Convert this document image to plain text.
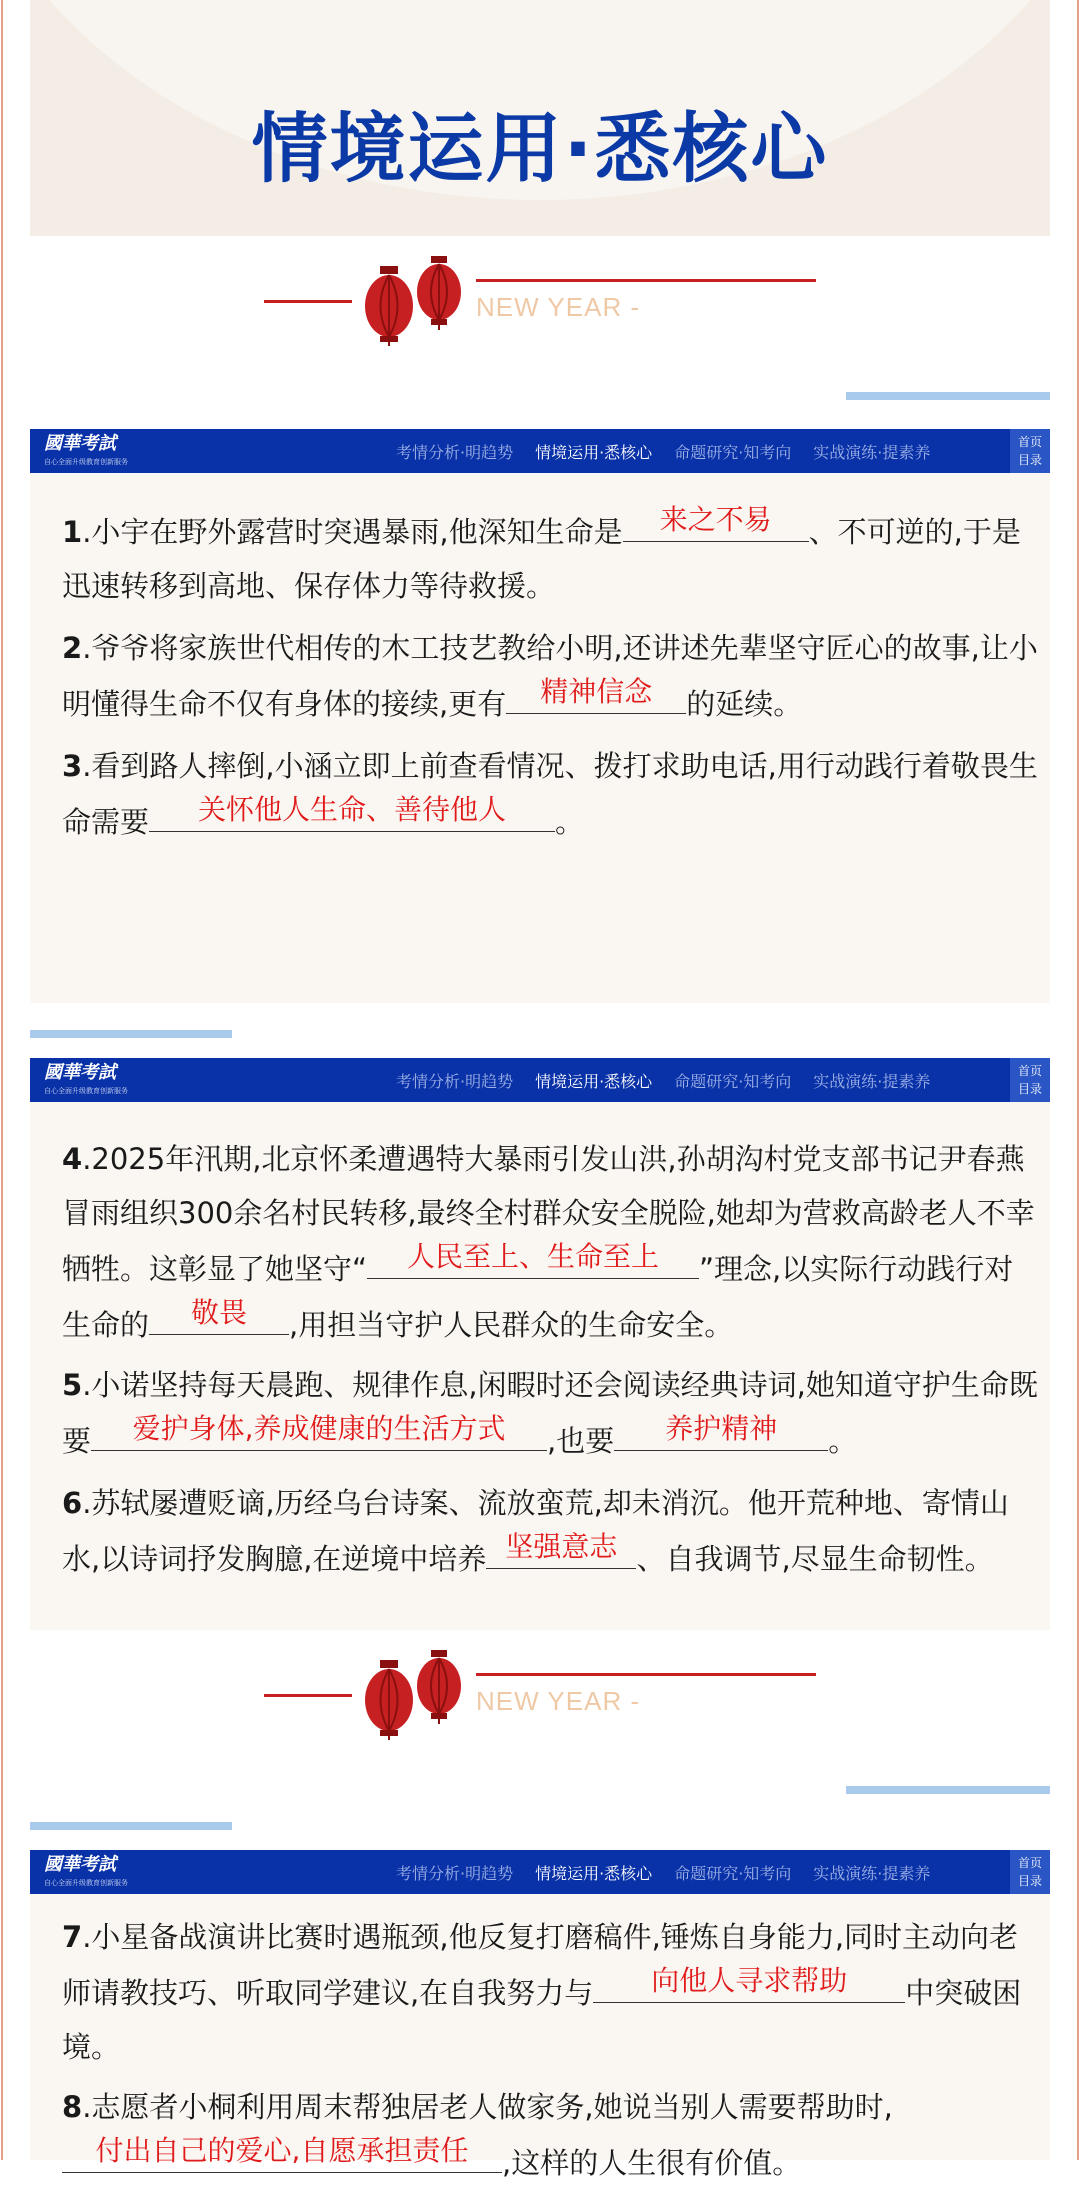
情境运用·悉核心
NEW YEAR -
國華考試
自心全面升级教育创新服务
考情分析·明趋势 情境运用·悉核心 命题研究·知考向 实战演练·提素养
首页
目录
1.小宇在野外露营时突遇暴雨,他深知生命是	来之不易	、不可逆的,于是迅速转移到高地、保存体力等待救援。
2.爷爷将家族世代相传的木工技艺教给小明,还讲述先辈坚守匠心的故事,让小明懂得生命不仅有身体的接续,更有	精神信念	的延续。
3.看到路人摔倒,小涵立即上前查看情况、拨打求助电话,用行动践行着敬畏生命需要	关怀他人生命、善待他人	。
國華考試
自心全面升级教育创新服务
考情分析·明趋势 情境运用·悉核心 命题研究·知考向 实战演练·提素养
首页
目录
4.2025年汛期,北京怀柔遭遇特大暴雨引发山洪,孙胡沟村党支部书记尹春燕冒雨组织300余名村民转移,最终全村群众安全脱险,她却为营救高龄老人不幸牺牲。这彰显了她坚守“	人民至上、生命至上	”理念,以实际行动践行对生命的	敬畏	,用担当守护人民群众的生命安全。
5.小诺坚持每天晨跑、规律作息,闲暇时还会阅读经典诗词,她知道守护生命既要	爱护身体,养成健康的生活方式	,也要	养护精神	。
6.苏轼屡遭贬谪,历经乌台诗案、流放蛮荒,却未消沉。他开荒种地、寄情山水,以诗词抒发胸臆,在逆境中培养 坚强意志 、自我调节,尽显生命韧性。
NEW YEAR -
國華考試
自心全面升级教育创新服务
考情分析·明趋势 情境运用·悉核心 命题研究·知考向 实战演练·提素养
首页
目录
7.小星备战演讲比赛时遇瓶颈,他反复打磨稿件,锤炼自身能力,同时主动向老师请教技巧、听取同学建议,在自我努力与	向他人寻求帮助	中突破困境。
8.志愿者小桐利用周末帮独居老人做家务,她说当别人需要帮助时,
付出自己的爱心,自愿承担责任	,这样的人生很有价值。
